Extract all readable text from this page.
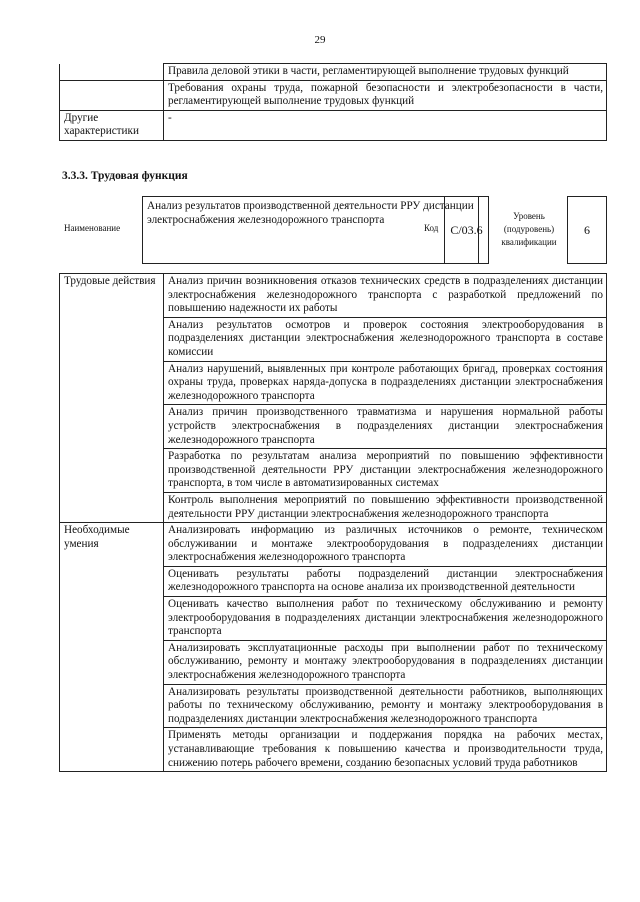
29
	Правила деловой этики в части, регламентирующей выполнение трудовых функций
	Требования охраны труда, пожарной безопасности и электробезопасности в части, регламентирующей выполнение трудовых функций
Другие характеристики	-
3.3.3. Трудовая функция
Наименование
Анализ результатов производственной деятельности РРУ дистанции электроснабжения железнодорожного транспорта
Код C/03.6
Уровень (подуровень) квалификации
6
Трудовые действия	Анализ причин возникновения отказов технических средств в подразделениях дистанции электроснабжения железнодорожного транспорта с разработкой предложений по повышению надежности их работы
	Анализ результатов осмотров и проверок состояния электрооборудования в подразделениях дистанции электроснабжения железнодорожного транспорта в составе комиссии
	Анализ нарушений, выявленных при контроле работающих бригад, проверках состояния охраны труда, проверках наряда-допуска в подразделениях дистанции электроснабжения железнодорожного транспорта
	Анализ причин производственного травматизма и нарушения нормальной работы устройств электроснабжения в подразделениях дистанции электроснабжения железнодорожного транспорта
	Разработка по результатам анализа мероприятий по повышению эффективности производственной деятельности РРУ дистанции электроснабжения железнодорожного транспорта, в том числе в автоматизированных системах
	Контроль выполнения мероприятий по повышению эффективности производственной деятельности РРУ дистанции электроснабжения железнодорожного транспорта
Необходимые умения	Анализировать информацию из различных источников о ремонте, техническом обслуживании и монтаже электрооборудования в подразделениях дистанции электроснабжения железнодорожного транспорта
	Оценивать результаты работы подразделений дистанции электроснабжения железнодорожного транспорта на основе анализа их производственной деятельности
	Оценивать качество выполнения работ по техническому обслуживанию и ремонту электрооборудования в подразделениях дистанции электроснабжения железнодорожного транспорта
	Анализировать эксплуатационные расходы при выполнении работ по техническому обслуживанию, ремонту и монтажу электрооборудования в подразделениях дистанции электроснабжения железнодорожного транспорта
	Анализировать результаты производственной деятельности работников, выполняющих работы по техническому обслуживанию, ремонту и монтажу электрооборудования в подразделениях дистанции электроснабжения железнодорожного транспорта
	Применять методы организации и поддержания порядка на рабочих местах, устанавливающие требования к повышению качества и производительности труда, снижению потерь рабочего времени, созданию безопасных условий труда работников
